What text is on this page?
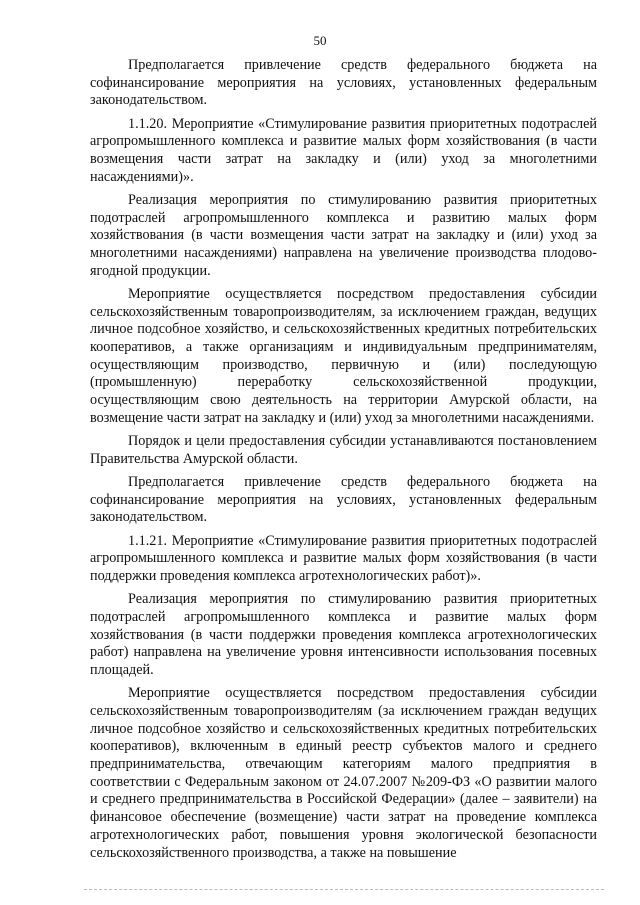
50

Предполагается привлечение средств федерального бюджета на софинансирование мероприятия на условиях, установленных федеральным законодательством.

1.1.20. Мероприятие «Стимулирование развития приоритетных подотраслей агропромышленного комплекса и развитие малых форм хозяйствования (в части возмещения части затрат на закладку и (или) уход за многолетними насаждениями)».

Реализация мероприятия по стимулированию развития приоритетных подотраслей агропромышленного комплекса и развитию малых форм хозяйствования (в части возмещения части затрат на закладку и (или) уход за многолетними насаждениями) направлена на увеличение производства плодово-ягодной продукции.

Мероприятие осуществляется посредством предоставления субсидии сельскохозяйственным товаропроизводителям, за исключением граждан, ведущих личное подсобное хозяйство, и сельскохозяйственных кредитных потребительских кооперативов, а также организациям и индивидуальным предпринимателям, осуществляющим производство, первичную и (или) последующую (промышленную) переработку сельскохозяйственной продукции, осуществляющим свою деятельность на территории Амурской области, на возмещение части затрат на закладку и (или) уход за многолетними насаждениями.

Порядок и цели предоставления субсидии устанавливаются постановлением Правительства Амурской области.

Предполагается привлечение средств федерального бюджета на софинансирование мероприятия на условиях, установленных федеральным законодательством.

1.1.21. Мероприятие «Стимулирование развития приоритетных подотраслей агропромышленного комплекса и развитие малых форм хозяйствования (в части поддержки проведения комплекса агротехнологических работ)».

Реализация мероприятия по стимулированию развития приоритетных подотраслей агропромышленного комплекса и развитие малых форм хозяйствования (в части поддержки проведения комплекса агротехнологических работ) направлена на увеличение уровня интенсивности использования посевных площадей.

Мероприятие осуществляется посредством предоставления субсидии сельскохозяйственным товаропроизводителям (за исключением граждан ведущих личное подсобное хозяйство и сельскохозяйственных кредитных потребительских кооперативов), включенным в единый реестр субъектов малого и среднего предпринимательства, отвечающим категориям малого предприятия в соответствии с Федеральным законом от 24.07.2007 №209-ФЗ «О развитии малого и среднего предпринимательства в Российской Федерации» (далее – заявители) на финансовое обеспечение (возмещение) части затрат на проведение комплекса агротехнологических работ, повышения уровня экологической безопасности сельскохозяйственного производства, а также на повышение
